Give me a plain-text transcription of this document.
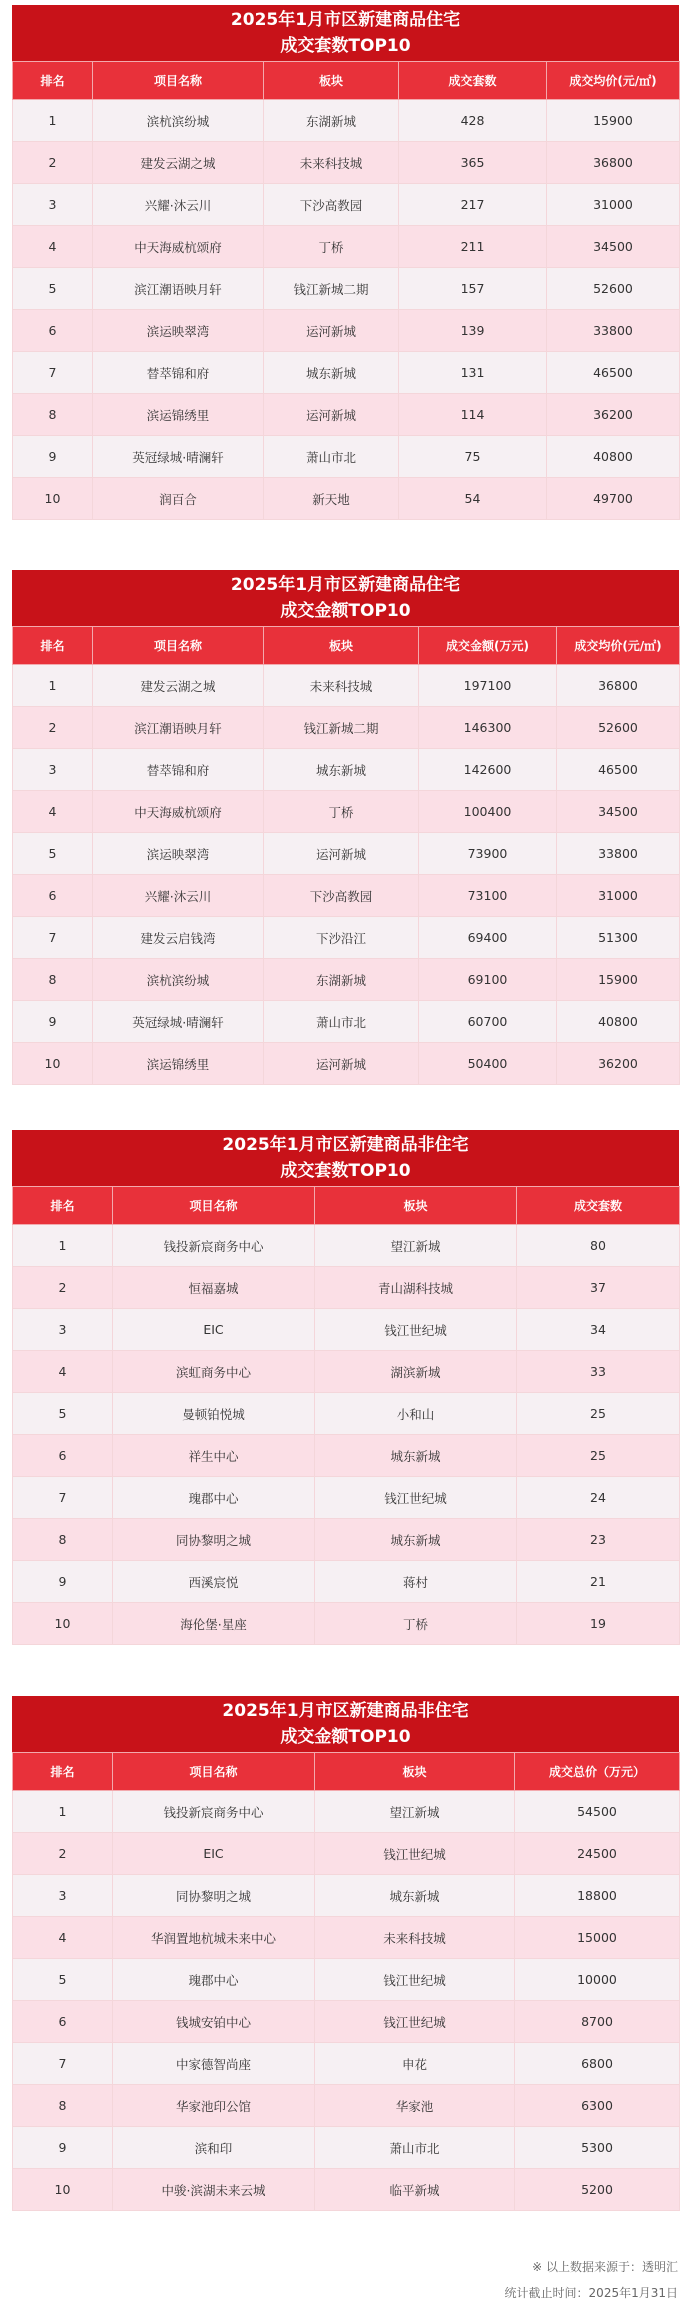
2025年1月市区新建商品住宅
成交套数TOP10
排名	项目名称	板块	成交套数	成交均价(元/㎡)
1	滨杭滨纷城	东湖新城	428	15900
2	建发云湖之城	未来科技城	365	36800
3	兴耀·沐云川	下沙高教园	217	31000
4	中天海威杭颂府	丁桥	211	34500
5	滨江潮语映月轩	钱江新城二期	157	52600
6	滨运映翠湾	运河新城	139	33800
7	替萃锦和府	城东新城	131	46500
8	滨运锦绣里	运河新城	114	36200
9	英冠绿城·晴澜轩	萧山市北	75	40800
10	润百合	新天地	54	49700
2025年1月市区新建商品住宅
成交金额TOP10
排名	项目名称	板块	成交金额(万元)	成交均价(元/㎡)
1	建发云湖之城	未来科技城	197100	36800
2	滨江潮语映月轩	钱江新城二期	146300	52600
3	替萃锦和府	城东新城	142600	46500
4	中天海威杭颂府	丁桥	100400	34500
5	滨运映翠湾	运河新城	73900	33800
6	兴耀·沐云川	下沙高教园	73100	31000
7	建发云启钱湾	下沙沿江	69400	51300
8	滨杭滨纷城	东湖新城	69100	15900
9	英冠绿城·晴澜轩	萧山市北	60700	40800
10	滨运锦绣里	运河新城	50400	36200
2025年1月市区新建商品非住宅
成交套数TOP10
排名	项目名称	板块	成交套数
1	钱投新宸商务中心	望江新城	80
2	恒福嘉城	青山湖科技城	37
3	EIC	钱江世纪城	34
4	滨虹商务中心	湖滨新城	33
5	曼顿铂悦城	小和山	25
6	祥生中心	城东新城	25
7	瑰郡中心	钱江世纪城	24
8	同协黎明之城	城东新城	23
9	西溪宸悦	蒋村	21
10	海伦堡·星座	丁桥	19
2025年1月市区新建商品非住宅
成交金额TOP10
排名	项目名称	板块	成交总价（万元）
1	钱投新宸商务中心	望江新城	54500
2	EIC	钱江世纪城	24500
3	同协黎明之城	城东新城	18800
4	华润置地杭城未来中心	未来科技城	15000
5	瑰郡中心	钱江世纪城	10000
6	钱城安铂中心	钱江世纪城	8700
7	中家德智尚座	申花	6800
8	华家池印公馆	华家池	6300
9	滨和印	萧山市北	5300
10	中骏·滨湖未来云城	临平新城	5200
※ 以上数据来源于：透明汇
统计截止时间：2025年1月31日
